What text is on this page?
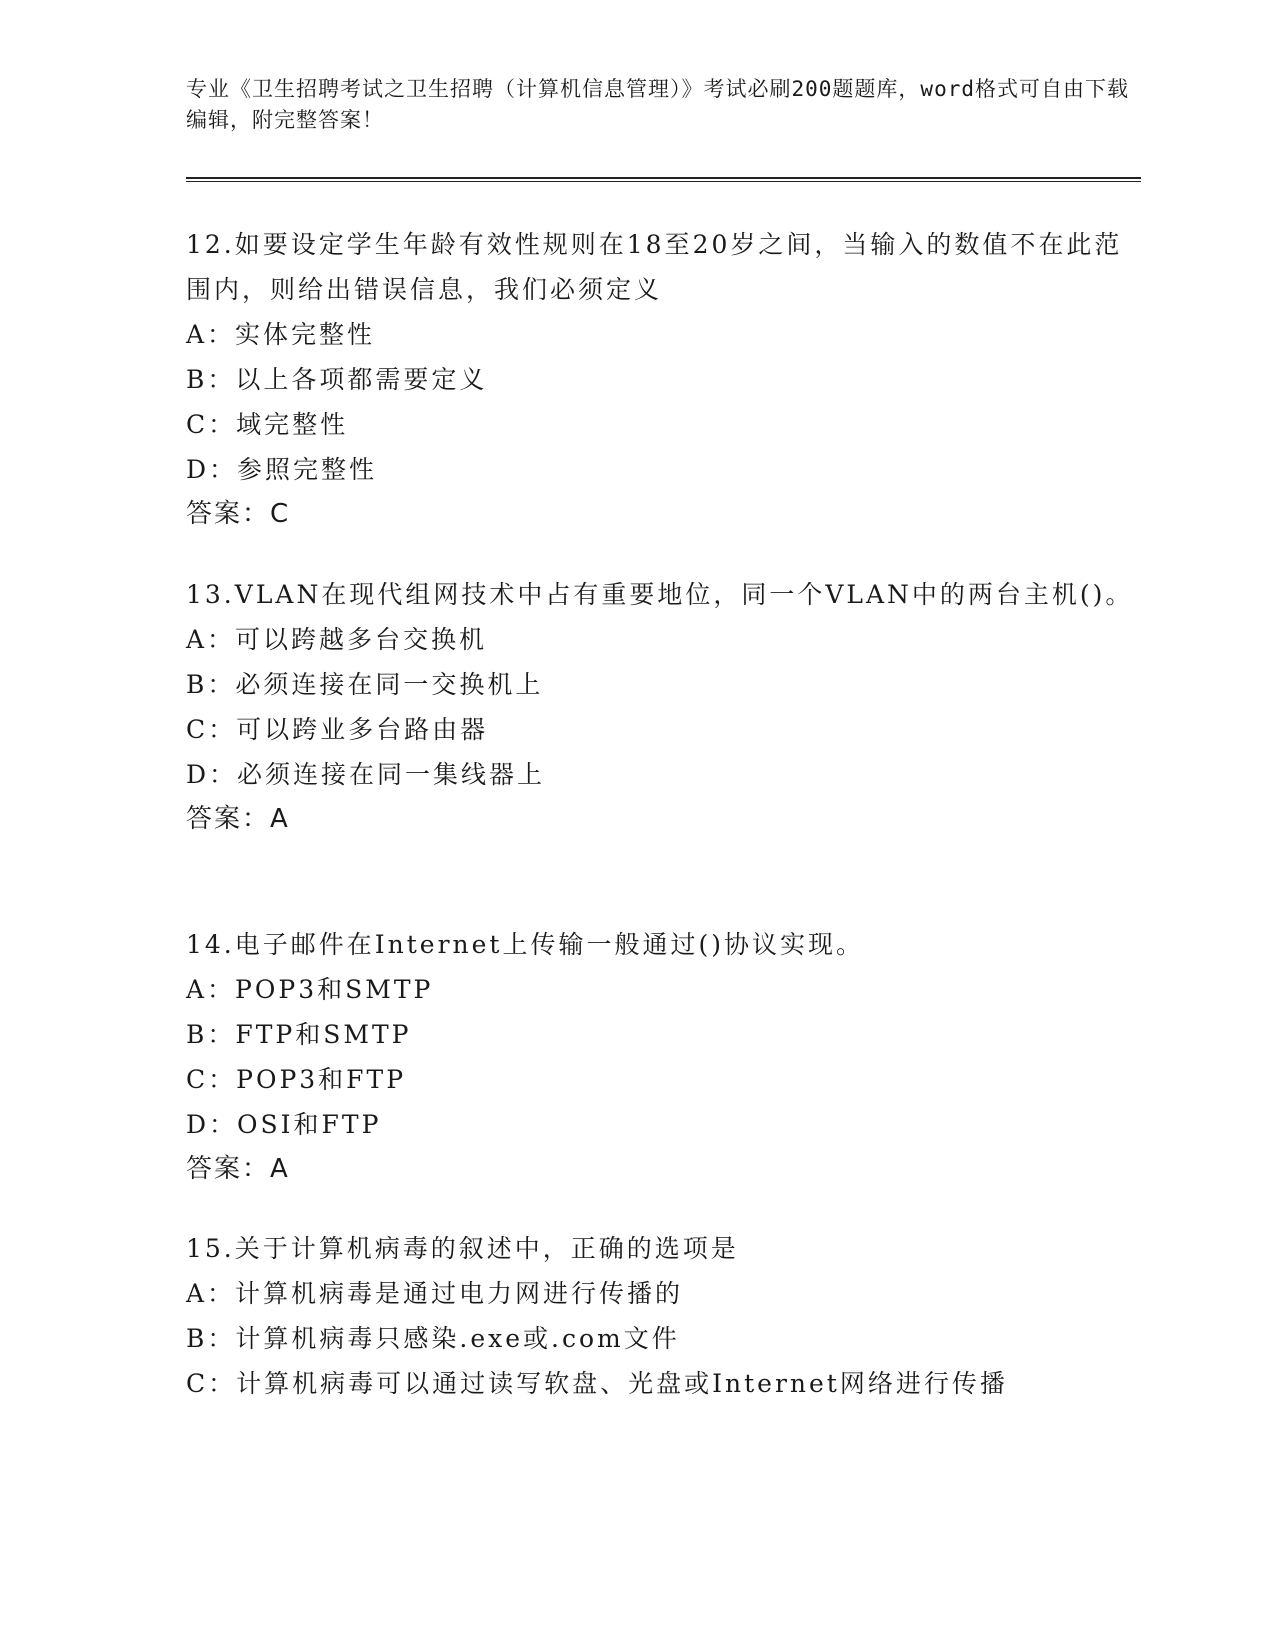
专业《卫生招聘考试之卫生招聘（计算机信息管理）》考试必刷200题题库，word格式可自由下载编辑，附完整答案！
12.如要设定学生年龄有效性规则在18至20岁之间，当输入的数值不在此范围内，则给出错误信息，我们必须定义
A：实体完整性
B：以上各项都需要定义
C：域完整性
D：参照完整性
答案：C
13.VLAN在现代组网技术中占有重要地位，同一个VLAN中的两台主机()。
A：可以跨越多台交换机
B：必须连接在同一交换机上
C：可以跨业多台路由器
D：必须连接在同一集线器上
答案：A
14.电子邮件在Internet上传输一般通过()协议实现。
A：POP3和SMTP
B：FTP和SMTP
C：POP3和FTP
D：OSI和FTP
答案：A
15.关于计算机病毒的叙述中，正确的选项是
A：计算机病毒是通过电力网进行传播的
B：计算机病毒只感染.exe或.com文件
C：计算机病毒可以通过读写软盘、光盘或Internet网络进行传播
